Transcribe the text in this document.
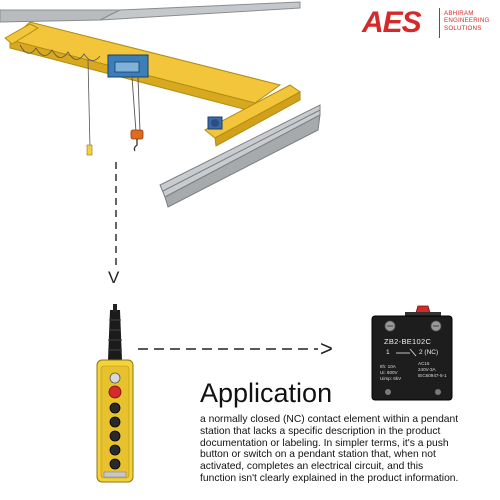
ZB2-BE102C
1	2 (NC)
Ith: 10A
Ui: 600V
Uimp: 6kV
AC15
240V-3A
IEC60947-5-1
V
>
AES	ABHIRAM
ENGINEERING
SOLUTIONS
Application
a normally closed (NC) contact element within a pendant station that lacks a specific description in the product documentation or labeling. In simpler terms, it's a push button or switch on a pendant station that, when not activated, completes an electrical circuit, and this function isn't clearly explained in the product information.
